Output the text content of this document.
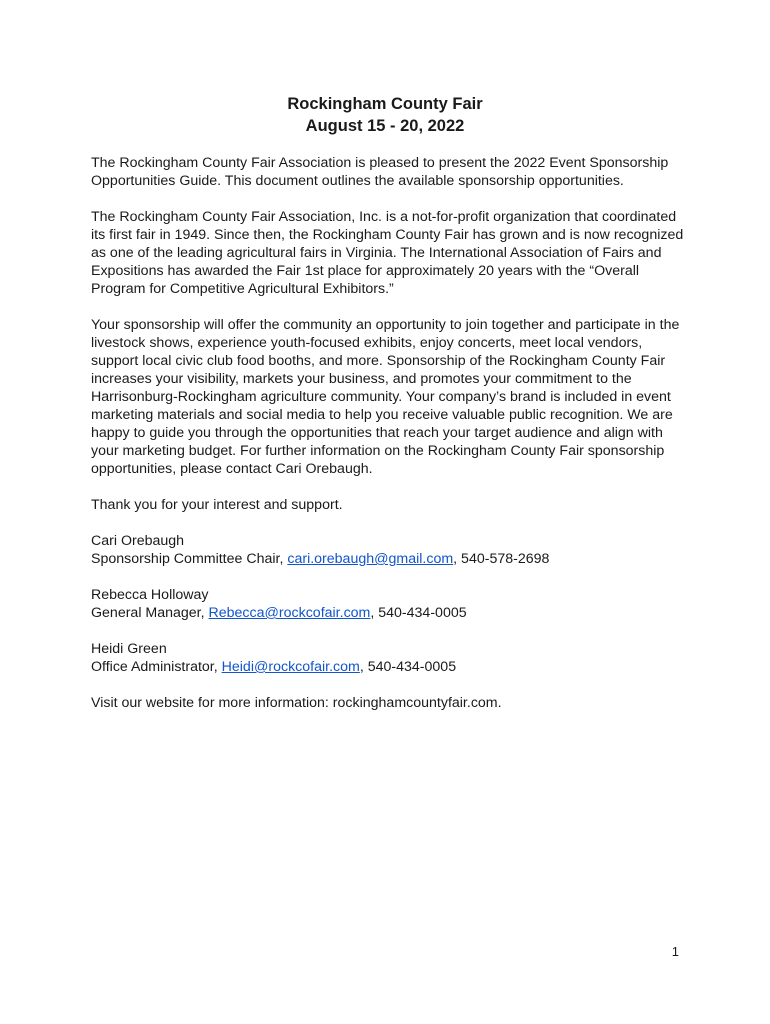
Rockingham County Fair
August 15 - 20, 2022

The Rockingham County Fair Association is pleased to present the 2022 Event Sponsorship Opportunities Guide. This document outlines the available sponsorship opportunities.

The Rockingham County Fair Association, Inc. is a not-for-profit organization that coordinated its first fair in 1949. Since then, the Rockingham County Fair has grown and is now recognized as one of the leading agricultural fairs in Virginia. The International Association of Fairs and Expositions has awarded the Fair 1st place for approximately 20 years with the “Overall Program for Competitive Agricultural Exhibitors.”

Your sponsorship will offer the community an opportunity to join together and participate in the livestock shows, experience youth-focused exhibits, enjoy concerts, meet local vendors, support local civic club food booths, and more. Sponsorship of the Rockingham County Fair increases your visibility, markets your business, and promotes your commitment to the Harrisonburg-Rockingham agriculture community. Your company’s brand is included in event marketing materials and social media to help you receive valuable public recognition. We are happy to guide you through the opportunities that reach your target audience and align with your marketing budget. For further information on the Rockingham County Fair sponsorship opportunities, please contact Cari Orebaugh.

Thank you for your interest and support.

Cari Orebaugh
Sponsorship Committee Chair, cari.orebaugh@gmail.com, 540-578-2698
Rebecca Holloway
General Manager, Rebecca@rockcofair.com, 540-434-0005
Heidi Green
Office Administrator, Heidi@rockcofair.com, 540-434-0005

Visit our website for more information: rockinghamcountyfair.com.

1
